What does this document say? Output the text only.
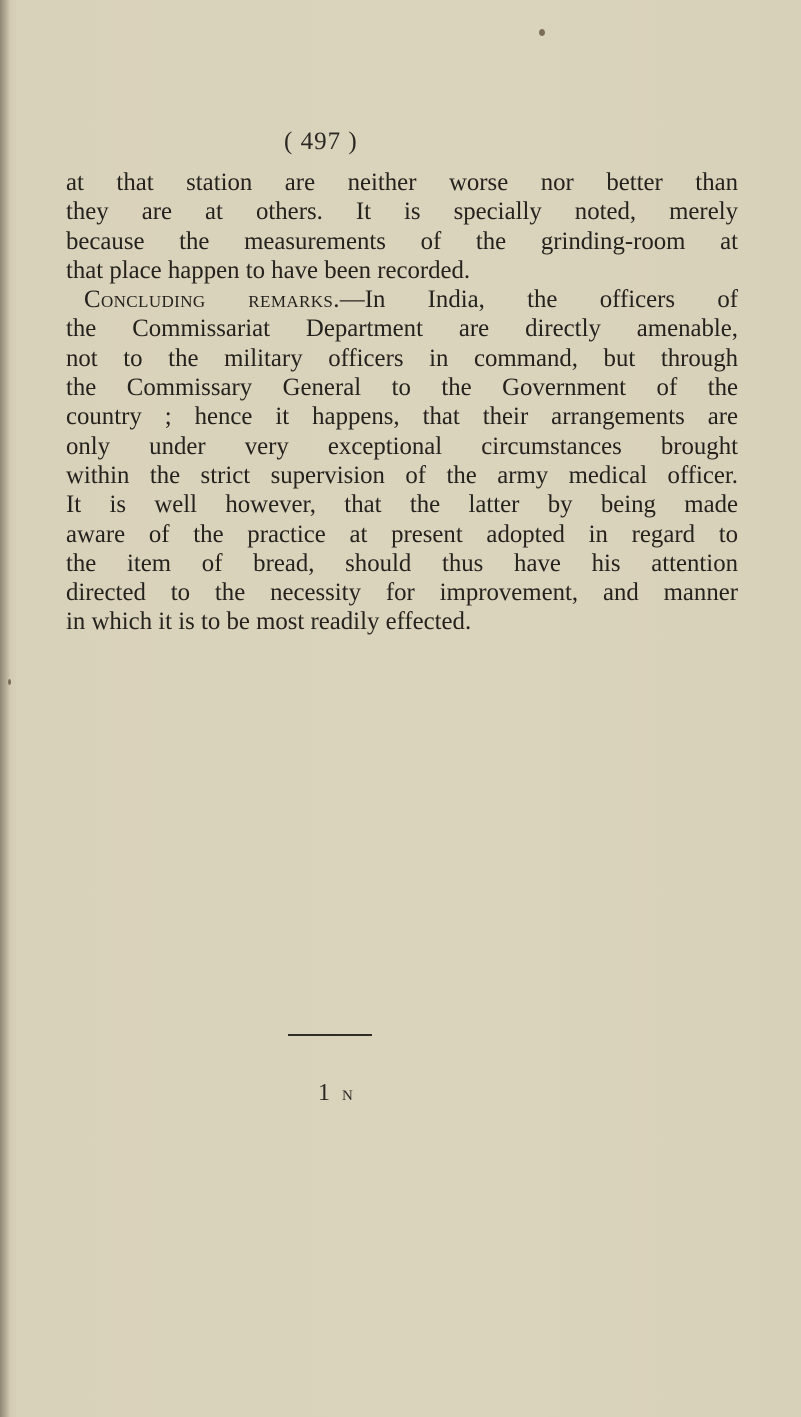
( 497 )
at that station are neither worse nor better than
they are at others. It is specially noted, merely
because the measurements of the grinding-room at
that place happen to have been recorded.
Concluding remarks.—In India, the officers of
the Commissariat Department are directly amenable,
not to the military officers in command, but through
the Commissary General to the Government of the
country ; hence it happens, that their arrangements are
only under very exceptional circumstances brought
within the strict supervision of the army medical officer.
It is well however, that the latter by being made
aware of the practice at present adopted in regard to
the item of bread, should thus have his attention
directed to the necessity for improvement, and manner
in which it is to be most readily effected.
1 N
